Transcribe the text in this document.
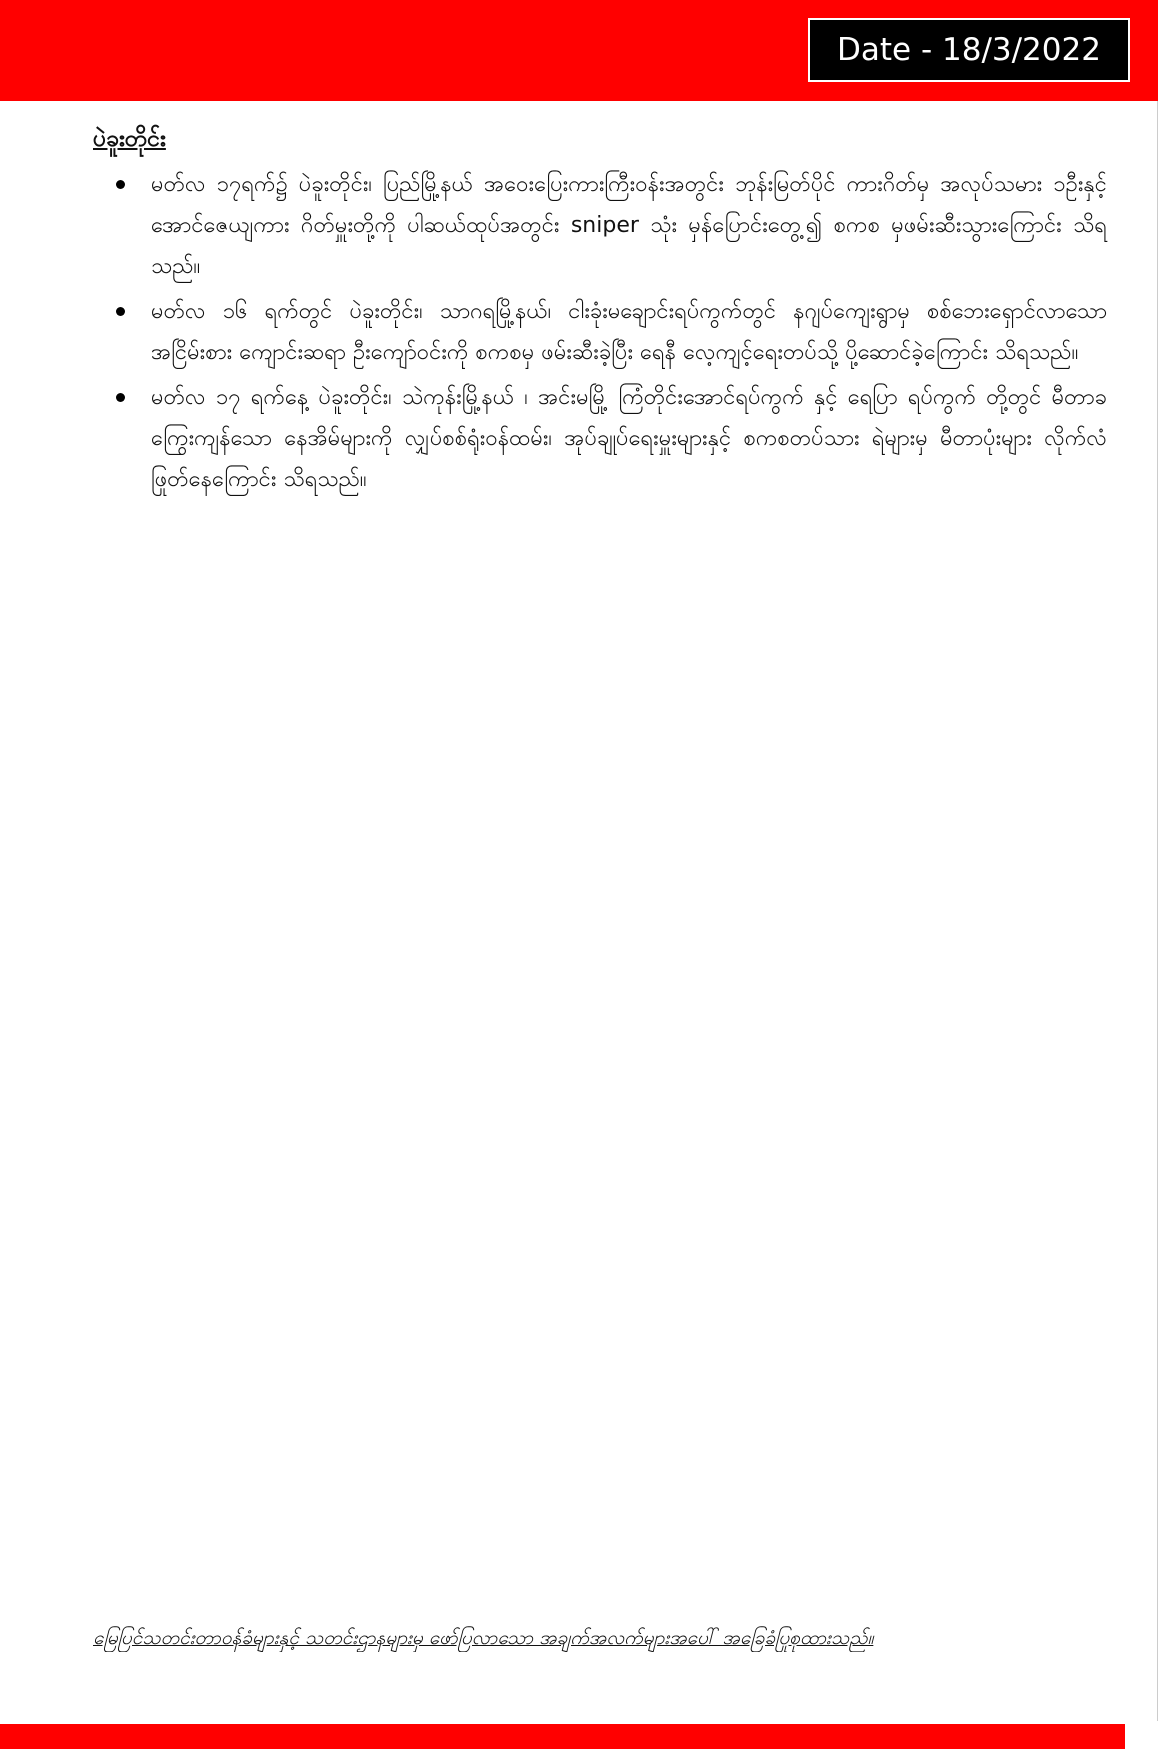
Date - 18/3/2022
ပဲခူးတိုင်း
မတ်လ ၁၇ရက်၌ ပဲခူးတိုင်း၊ ပြည်မြို့နယ် အဝေးပြေးကားကြီးဝန်းအတွင်း ဘုန်းမြတ်ပိုင် ကားဂိတ်မှ အလုပ်သမား ၁ဦးနှင့် အောင်ဇေယျကား ဂိတ်မှူးတို့ကို ပါဆယ်ထုပ်အတွင်း sniper သုံး မှန်ပြောင်းတွေ့၍ စကစ မှဖမ်းဆီးသွားကြောင်း သိရသည်။
မတ်လ ၁၆ ရက်တွင် ပဲခူးတိုင်း၊ သာဂရမြို့နယ်၊ ငါးခုံးမချောင်းရပ်ကွက်တွင် နဂျပ်ကျေးရွာမှ စစ်ဘေးရှောင်လာသော အငြိမ်းစား ကျောင်းဆရာ ဦးကျော်ဝင်းကို စကစမှ ဖမ်းဆီးခဲ့ပြီး ရေနီ လေ့ကျင့်ရေးတပ်သို့ ပို့ဆောင်ခဲ့ကြောင်း သိရသည်။
မတ်လ ၁၇ ရက်နေ့ ပဲခူးတိုင်း၊ သဲကုန်းမြို့နယ် ၊ အင်းမမြို့ ကြံတိုင်းအောင်ရပ်ကွက် နှင့် ရေပြာ ရပ်ကွက် တို့တွင် မီတာခ ကြွေးကျန်သော နေအိမ်များကို လျှပ်စစ်ရုံးဝန်ထမ်း၊ အုပ်ချုပ်ရေးမှူးများနှင့် စကစတပ်သား ရဲများမှ မီတာပုံးများ လိုက်လံဖြုတ်နေကြောင်း သိရသည်။
မြေပြင်သတင်းတာဝန်ခံများနှင့် သတင်းဌာနများမှ ဖော်ပြလာသော အချက်အလက်များအပေါ် အခြေခံပြုစုထားသည်။
